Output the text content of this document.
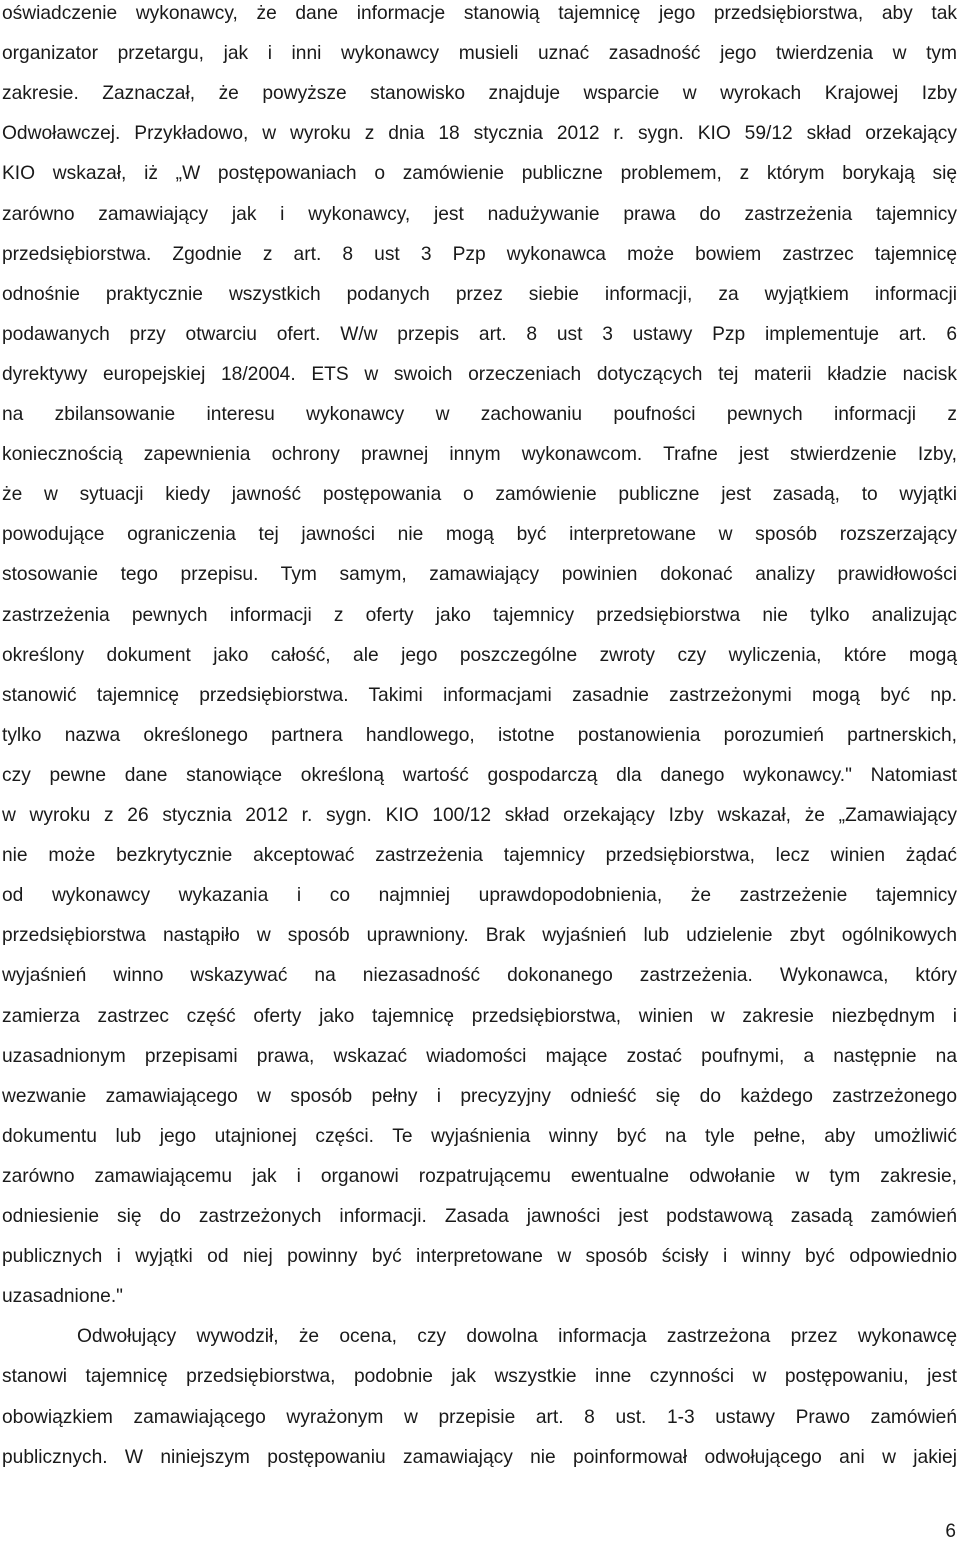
oświadczenie wykonawcy, że dane informacje stanowią tajemnicę jego przedsiębiorstwa, aby tak
organizator przetargu, jak i inni wykonawcy musieli uznać zasadność jego twierdzenia w tym
zakresie. Zaznaczał, że powyższe stanowisko znajduje wsparcie w wyrokach Krajowej Izby
Odwoławczej. Przykładowo, w wyroku z dnia 18 stycznia 2012 r. sygn. KIO 59/12 skład orzekający
KIO wskazał, iż „W postępowaniach o zamówienie publiczne problemem, z którym borykają się
zarówno zamawiający jak i wykonawcy, jest nadużywanie prawa do zastrzeżenia tajemnicy
przedsiębiorstwa. Zgodnie z art. 8 ust 3 Pzp wykonawca może bowiem zastrzec tajemnicę
odnośnie praktycznie wszystkich podanych przez siebie informacji, za wyjątkiem informacji
podawanych przy otwarciu ofert. W/w przepis art. 8 ust 3 ustawy Pzp implementuje art. 6
dyrektywy europejskiej 18/2004. ETS w swoich orzeczeniach dotyczących tej materii kładzie nacisk
na zbilansowanie interesu wykonawcy w zachowaniu poufności pewnych informacji z
koniecznością zapewnienia ochrony prawnej innym wykonawcom. Trafne jest stwierdzenie Izby,
że w sytuacji kiedy jawność postępowania o zamówienie publiczne jest zasadą, to wyjątki
powodujące ograniczenia tej jawności nie mogą być interpretowane w sposób rozszerzający
stosowanie tego przepisu. Tym samym, zamawiający powinien dokonać analizy prawidłowości
zastrzeżenia pewnych informacji z oferty jako tajemnicy przedsiębiorstwa nie tylko analizując
określony dokument jako całość, ale jego poszczególne zwroty czy wyliczenia, które mogą
stanowić tajemnicę przedsiębiorstwa. Takimi informacjami zasadnie zastrzeżonymi mogą być np.
tylko nazwa określonego partnera handlowego, istotne postanowienia porozumień partnerskich,
czy pewne dane stanowiące określoną wartość gospodarczą dla danego wykonawcy." Natomiast
w wyroku z 26 stycznia 2012 r. sygn. KIO 100/12 skład orzekający Izby wskazał, że „Zamawiający
nie może bezkrytycznie akceptować zastrzeżenia tajemnicy przedsiębiorstwa, lecz winien żądać
od wykonawcy wykazania i co najmniej uprawdopodobnienia, że zastrzeżenie tajemnicy
przedsiębiorstwa nastąpiło w sposób uprawniony. Brak wyjaśnień lub udzielenie zbyt ogólnikowych
wyjaśnień winno wskazywać na niezasadność dokonanego zastrzeżenia. Wykonawca, który
zamierza zastrzec część oferty jako tajemnicę przedsiębiorstwa, winien w zakresie niezbędnym i
uzasadnionym przepisami prawa, wskazać wiadomości mające zostać poufnymi, a następnie na
wezwanie zamawiającego w sposób pełny i precyzyjny odnieść się do każdego zastrzeżonego
dokumentu lub jego utajnionej części. Te wyjaśnienia winny być na tyle pełne, aby umożliwić
zarówno zamawiającemu jak i organowi rozpatrującemu ewentualne odwołanie w tym zakresie,
odniesienie się do zastrzeżonych informacji. Zasada jawności jest podstawową zasadą zamówień
publicznych i wyjątki od niej powinny być interpretowane w sposób ścisły i winny być odpowiednio
uzasadnione."
Odwołujący wywodził, że ocena, czy dowolna informacja zastrzeżona przez wykonawcę
stanowi tajemnicę przedsiębiorstwa, podobnie jak wszystkie inne czynności w postępowaniu, jest
obowiązkiem zamawiającego wyrażonym w przepisie art. 8 ust. 1-3 ustawy Prawo zamówień
publicznych. W niniejszym postępowaniu zamawiający nie poinformował odwołującego ani w jakiej
6
